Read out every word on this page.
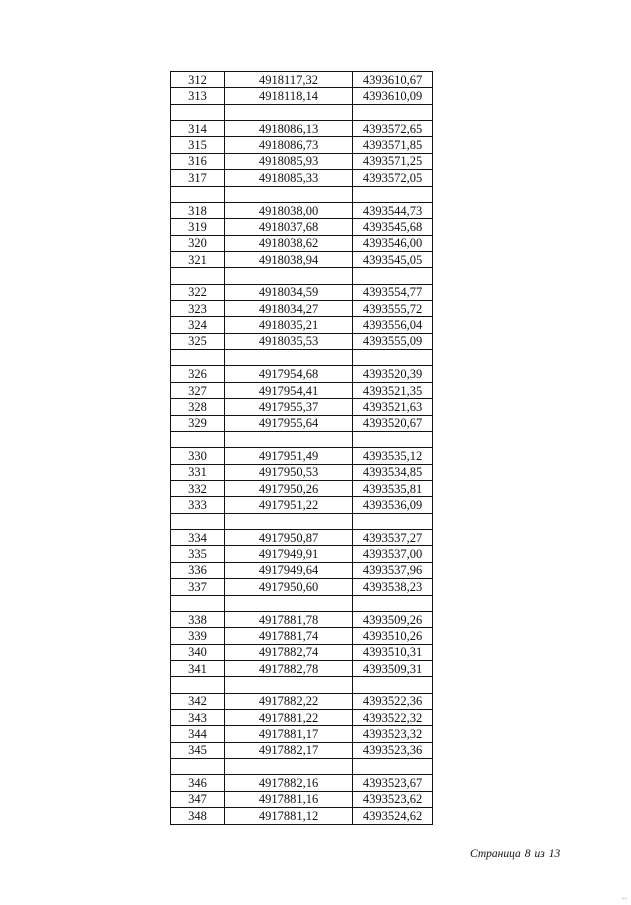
312	4918117,32	4393610,67
313	4918118,14	4393610,09

314	4918086,13	4393572,65
315	4918086,73	4393571,85
316	4918085,93	4393571,25
317	4918085,33	4393572,05

318	4918038,00	4393544,73
319	4918037,68	4393545,68
320	4918038,62	4393546,00
321	4918038,94	4393545,05

322	4918034,59	4393554,77
323	4918034,27	4393555,72
324	4918035,21	4393556,04
325	4918035,53	4393555,09

326	4917954,68	4393520,39
327	4917954,41	4393521,35
328	4917955,37	4393521,63
329	4917955,64	4393520,67

330	4917951,49	4393535,12
331	4917950,53	4393534,85
332	4917950,26	4393535,81
333	4917951,22	4393536,09

334	4917950,87	4393537,27
335	4917949,91	4393537,00
336	4917949,64	4393537,96
337	4917950,60	4393538,23

338	4917881,78	4393509,26
339	4917881,74	4393510,26
340	4917882,74	4393510,31
341	4917882,78	4393509,31

342	4917882,22	4393522,36
343	4917881,22	4393522,32
344	4917881,17	4393523,32
345	4917882,17	4393523,36

346	4917882,16	4393523,67
347	4917881,16	4393523,62
348	4917881,12	4393524,62
Страница 8 из 13
--
